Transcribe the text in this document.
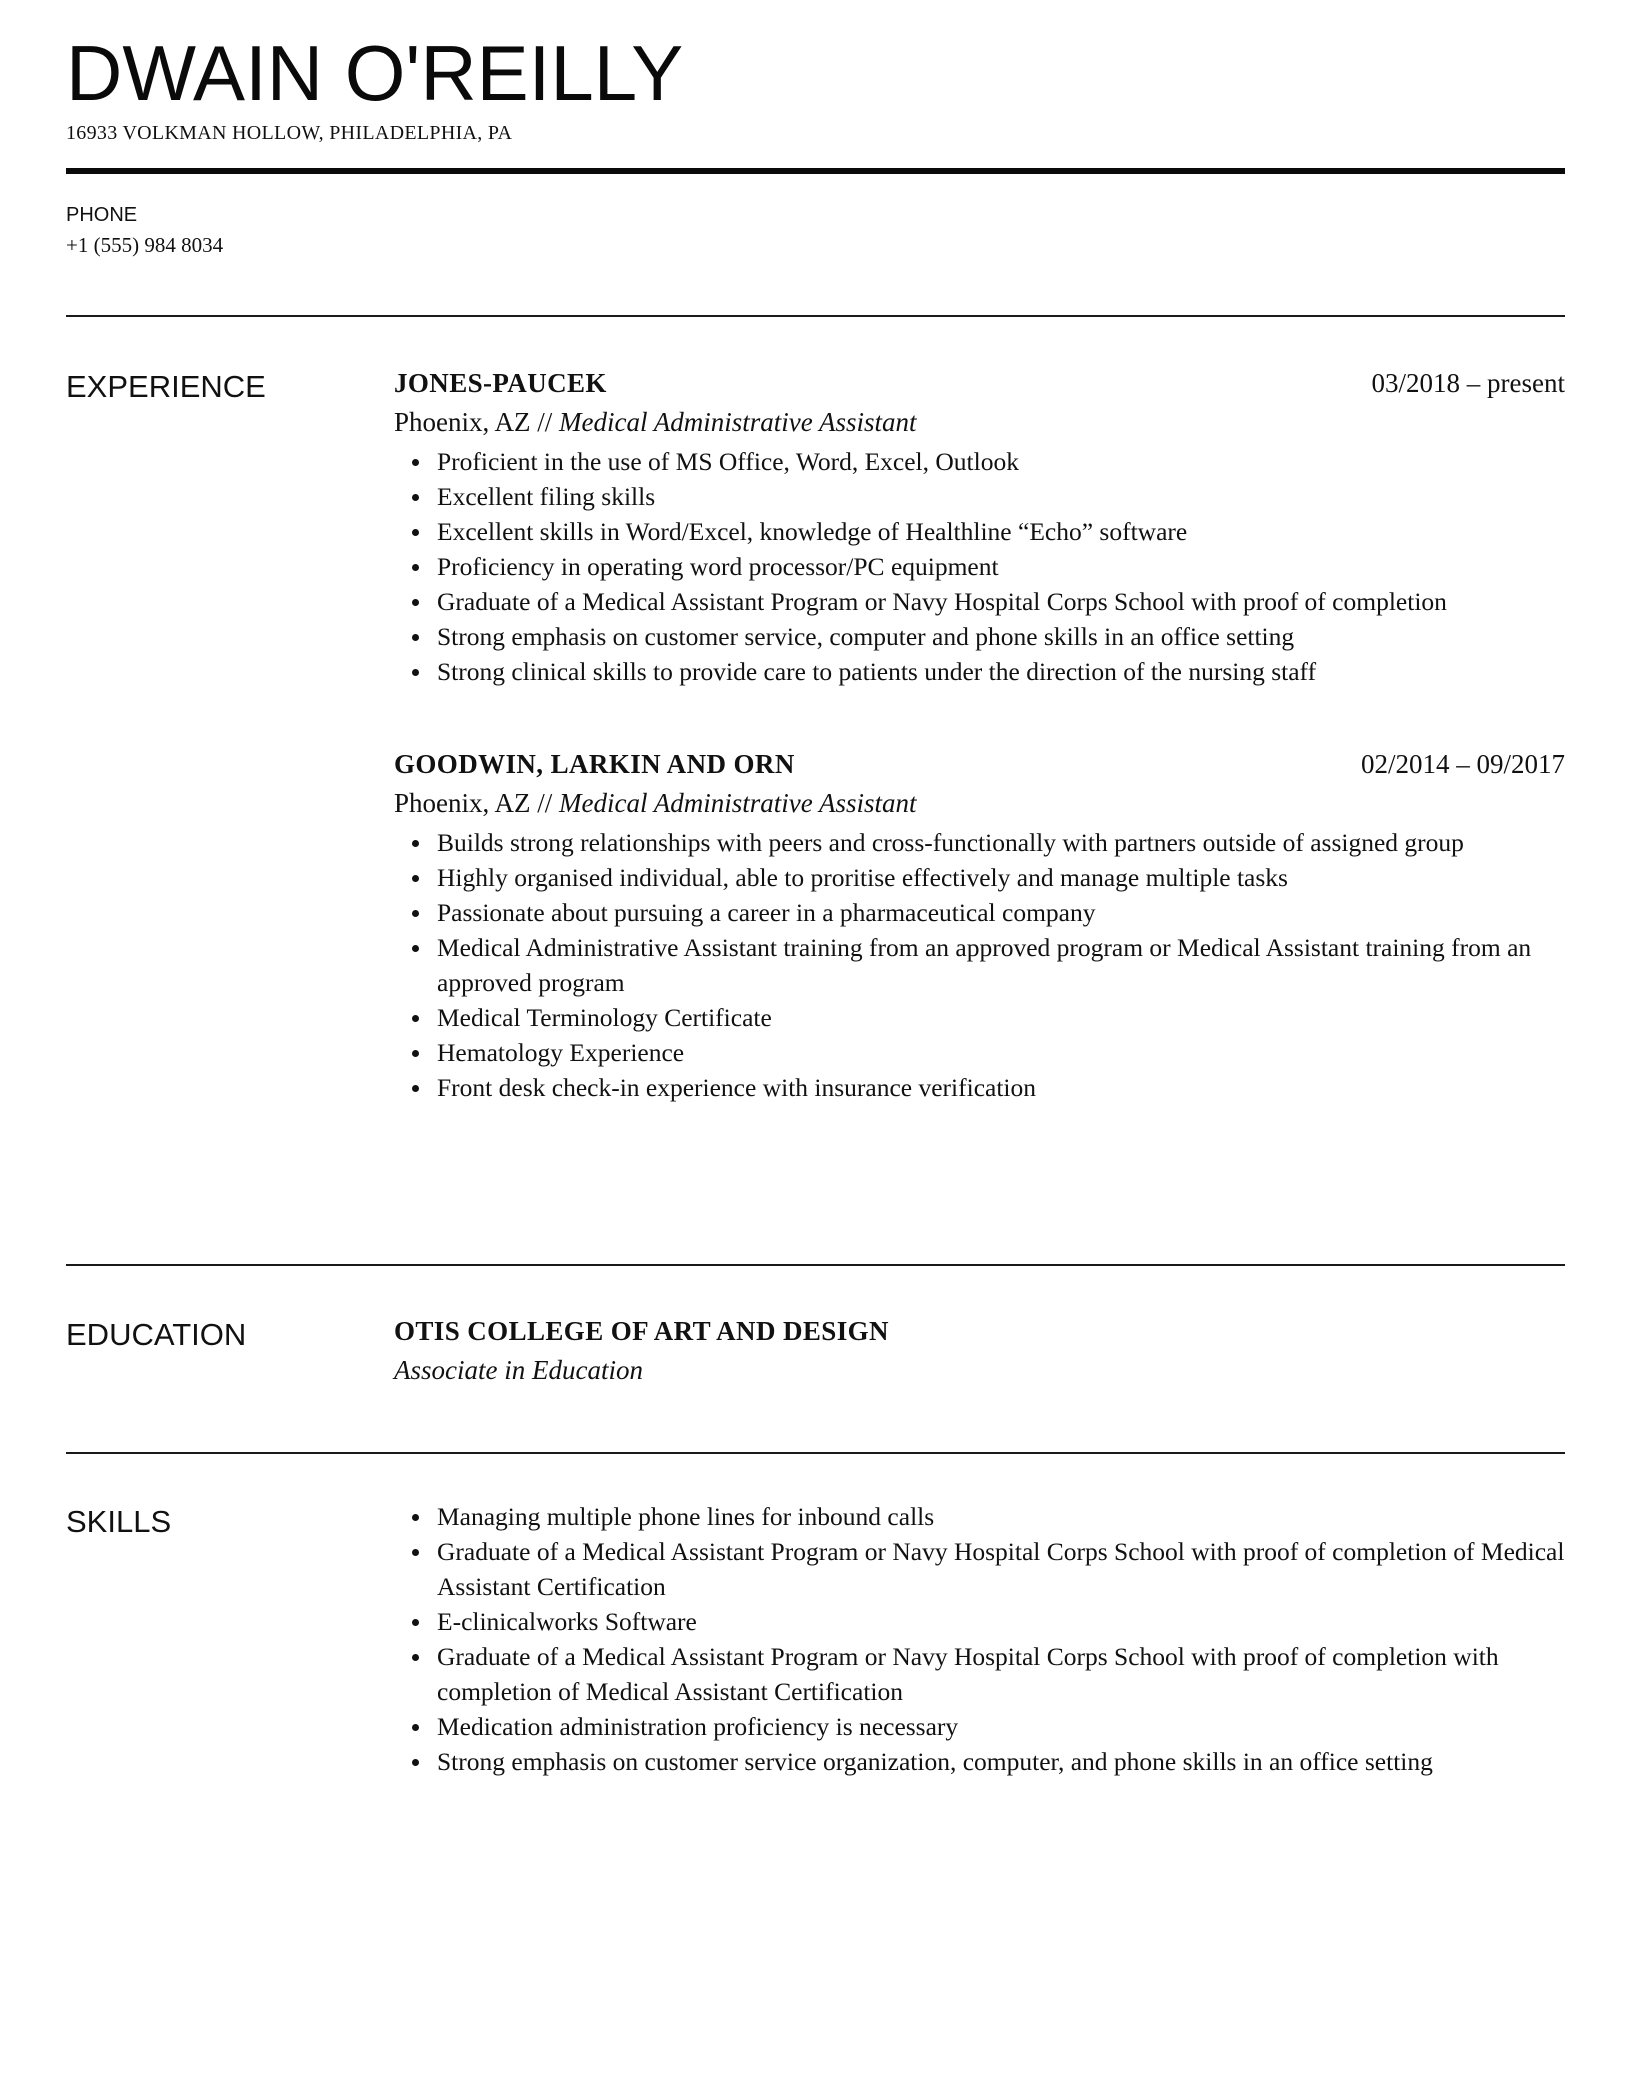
DWAIN O'REILLY
16933 VOLKMAN HOLLOW, PHILADELPHIA, PA
PHONE
+1 (555) 984 8034
EXPERIENCE	JONES-PAUCEK	03/2018 – present
Phoenix, AZ // Medical Administrative Assistant
Proficient in the use of MS Office, Word, Excel, Outlook
Excellent filing skills
Excellent skills in Word/Excel, knowledge of Healthline “Echo” software
Proficiency in operating word processor/PC equipment
Graduate of a Medical Assistant Program or Navy Hospital Corps School with proof of completion
Strong emphasis on customer service, computer and phone skills in an office setting
Strong clinical skills to provide care to patients under the direction of the nursing staff
GOODWIN, LARKIN AND ORN	02/2014 – 09/2017
Phoenix, AZ // Medical Administrative Assistant
Builds strong relationships with peers and cross-functionally with partners outside of assigned group
Highly organised individual, able to proritise effectively and manage multiple tasks
Passionate about pursuing a career in a pharmaceutical company
Medical Administrative Assistant training from an approved program or Medical Assistant training from an approved program
Medical Terminology Certificate
Hematology Experience
Front desk check-in experience with insurance verification
EDUCATION	OTIS COLLEGE OF ART AND DESIGN
Associate in Education
SKILLS	Managing multiple phone lines for inbound calls
Graduate of a Medical Assistant Program or Navy Hospital Corps School with proof of completion of Medical Assistant Certification
E-clinicalworks Software
Graduate of a Medical Assistant Program or Navy Hospital Corps School with proof of completion with completion of Medical Assistant Certification
Medication administration proficiency is necessary
Strong emphasis on customer service organization, computer, and phone skills in an office setting
